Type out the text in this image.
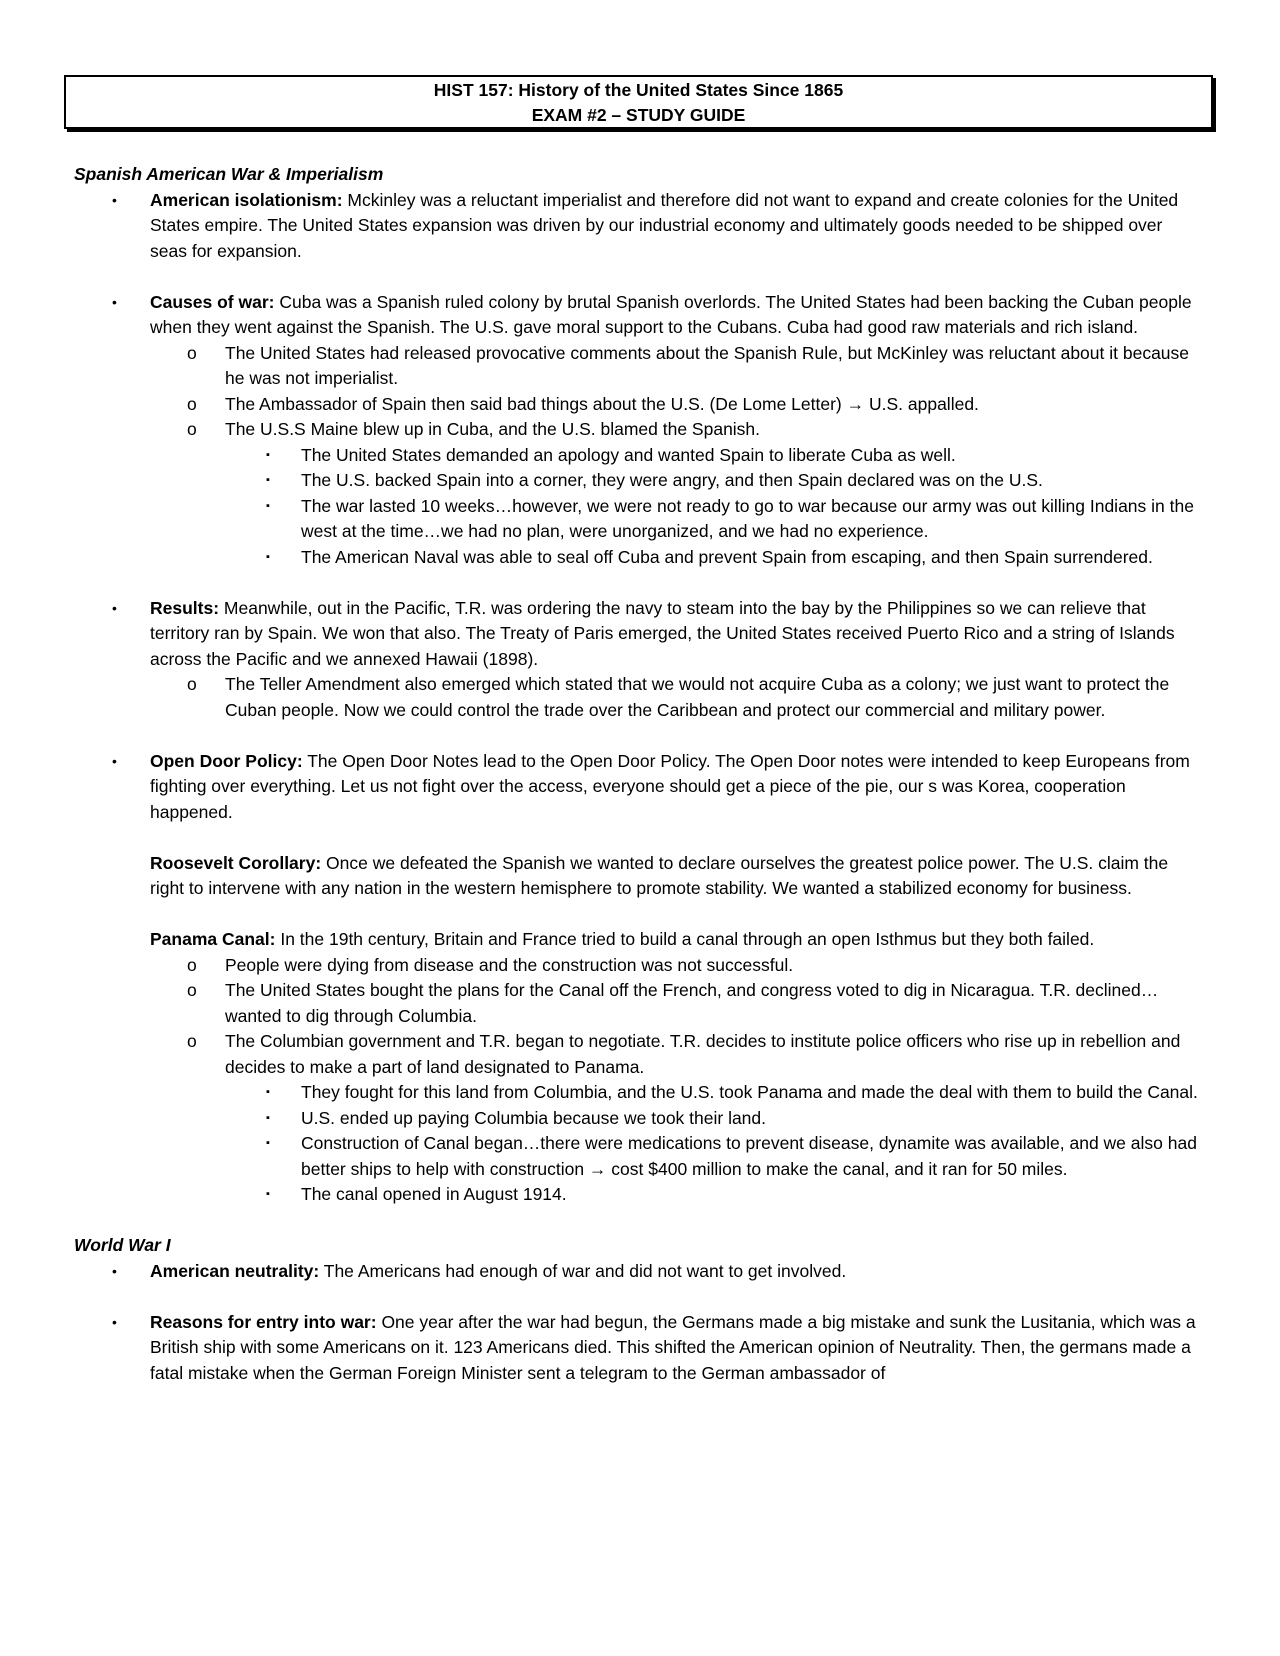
HIST 157: History of the United States Since 1865
EXAM #2 – STUDY GUIDE
Spanish American War & Imperialism
• American isolationism: Mckinley was a reluctant imperialist and therefore did not want to expand and create colonies for the United States empire. The United States expansion was driven by our industrial economy and ultimately goods needed to be shipped over seas for expansion.
• Causes of war: Cuba was a Spanish ruled colony by brutal Spanish overlords. The United States had been backing the Cuban people when they went against the Spanish. The U.S. gave moral support to the Cubans. Cuba had good raw materials and rich island.
o The United States had released provocative comments about the Spanish Rule, but McKinley was reluctant about it because he was not imperialist.
o The Ambassador of Spain then said bad things about the U.S. (De Lome Letter) → U.S. appalled.
o The U.S.S Maine blew up in Cuba, and the U.S. blamed the Spanish.
▪ The United States demanded an apology and wanted Spain to liberate Cuba as well.
▪ The U.S. backed Spain into a corner, they were angry, and then Spain declared was on the U.S.
▪ The war lasted 10 weeks…however, we were not ready to go to war because our army was out killing Indians in the west at the time…we had no plan, were unorganized, and we had no experience.
▪ The American Naval was able to seal off Cuba and prevent Spain from escaping, and then Spain surrendered.
• Results: Meanwhile, out in the Pacific, T.R. was ordering the navy to steam into the bay by the Philippines so we can relieve that territory ran by Spain. We won that also. The Treaty of Paris emerged, the United States received Puerto Rico and a string of Islands across the Pacific and we annexed Hawaii (1898).
o The Teller Amendment also emerged which stated that we would not acquire Cuba as a colony; we just want to protect the Cuban people. Now we could control the trade over the Caribbean and protect our commercial and military power.
• Open Door Policy: The Open Door Notes lead to the Open Door Policy. The Open Door notes were intended to keep Europeans from fighting over everything. Let us not fight over the access, everyone should get a piece of the pie, our s was Korea, cooperation happened.
Roosevelt Corollary: Once we defeated the Spanish we wanted to declare ourselves the greatest police power. The U.S. claim the right to intervene with any nation in the western hemisphere to promote stability. We wanted a stabilized economy for business.
Panama Canal: In the 19th century, Britain and France tried to build a canal through an open Isthmus but they both failed.
o People were dying from disease and the construction was not successful.
o The United States bought the plans for the Canal off the French, and congress voted to dig in Nicaragua. T.R. declined…wanted to dig through Columbia.
o The Columbian government and T.R. began to negotiate. T.R. decides to institute police officers who rise up in rebellion and decides to make a part of land designated to Panama.
▪ They fought for this land from Columbia, and the U.S. took Panama and made the deal with them to build the Canal.
▪ U.S. ended up paying Columbia because we took their land.
▪ Construction of Canal began…there were medications to prevent disease, dynamite was available, and we also had better ships to help with construction → cost $400 million to make the canal, and it ran for 50 miles.
▪ The canal opened in August 1914.
World War I
• American neutrality: The Americans had enough of war and did not want to get involved.
• Reasons for entry into war: One year after the war had begun, the Germans made a big mistake and sunk the Lusitania, which was a British ship with some Americans on it. 123 Americans died. This shifted the American opinion of Neutrality. Then, the germans made a fatal mistake when the German Foreign Minister sent a telegram to the German ambassador of
